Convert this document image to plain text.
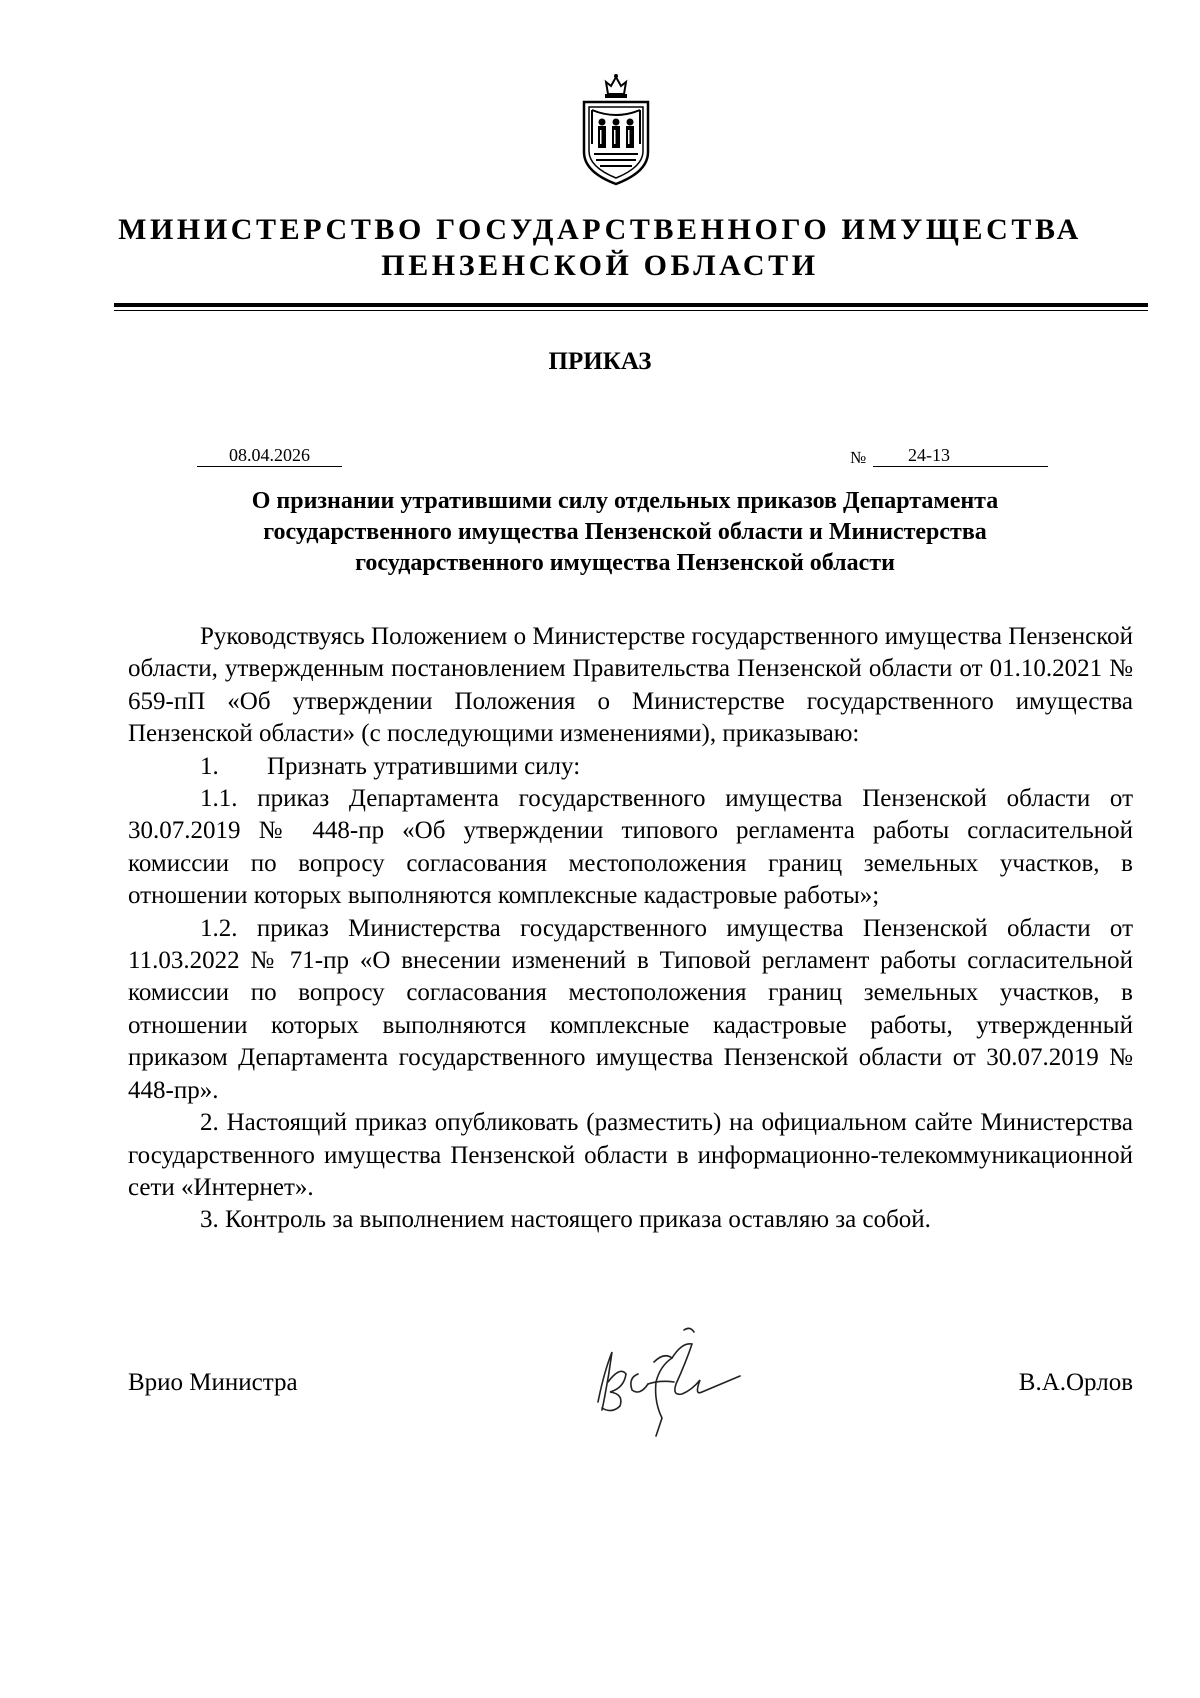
МИНИСТЕРСТВО ГОСУДАРСТВЕННОГО ИМУЩЕСТВА
ПЕНЗЕНСКОЙ ОБЛАСТИ
ПРИКАЗ
08.04.2026	№	24-13
О признании утратившими силу отдельных приказов Департамента
государственного имущества Пензенской области и Министерства
государственного имущества Пензенской области

Руководствуясь Положением о Министерстве государственного имущества Пензенской области, утвержденным постановлением Правительства Пензенской области от 01.10.2021 № 659-пП «Об утверждении Положения о Министерстве государственного имущества Пензенской области» (с последующими изменениями), приказываю:

1. Признать утратившими силу:

1.1. приказ Департамента государственного имущества Пензенской области от 30.07.2019 № 448-пр «Об утверждении типового регламента работы согласительной комиссии по вопросу согласования местоположения границ земельных участков, в отношении которых выполняются комплексные кадастровые работы»;

1.2. приказ Министерства государственного имущества Пензенской области от 11.03.2022 № 71-пр «О внесении изменений в Типовой регламент работы согласительной комиссии по вопросу согласования местоположения границ земельных участков, в отношении которых выполняются комплексные кадастровые работы, утвержденный приказом Департамента государственного имущества Пензенской области от 30.07.2019 № 448-пр».

2. Настоящий приказ опубликовать (разместить) на официальном сайте Министерства государственного имущества Пензенской области в информационно-телекоммуникационной сети «Интернет».

3. Контроль за выполнением настоящего приказа оставляю за собой.

Врио Министра	В.А.Орлов
